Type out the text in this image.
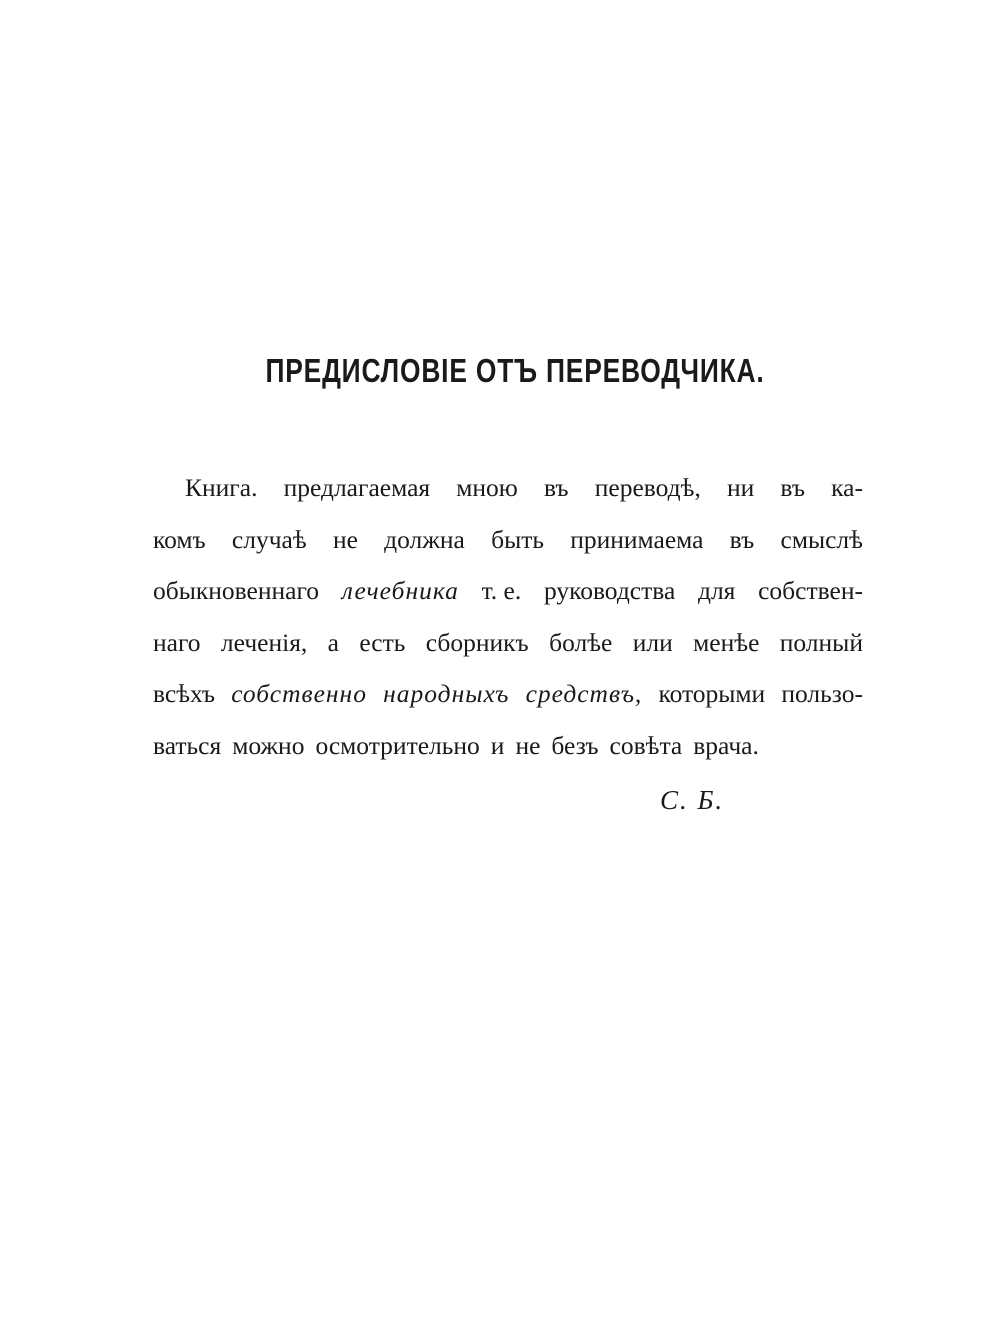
ПРЕДИСЛОВІЕ ОТЪ ПЕРЕВОДЧИКА.
Книга. предлагаемая мною въ переводѣ, ни въ ка-
комъ случаѣ не должна быть принимаема въ смыслѣ
обыкновеннаго лечебника т. е. руководства для собствен-
наго леченія, а есть сборникъ болѣе или менѣе полный
всѣхъ собственно народныхъ средствъ, которыми пользо-
ваться можно осмотрительно и не безъ совѣта врача.
С. Б.
